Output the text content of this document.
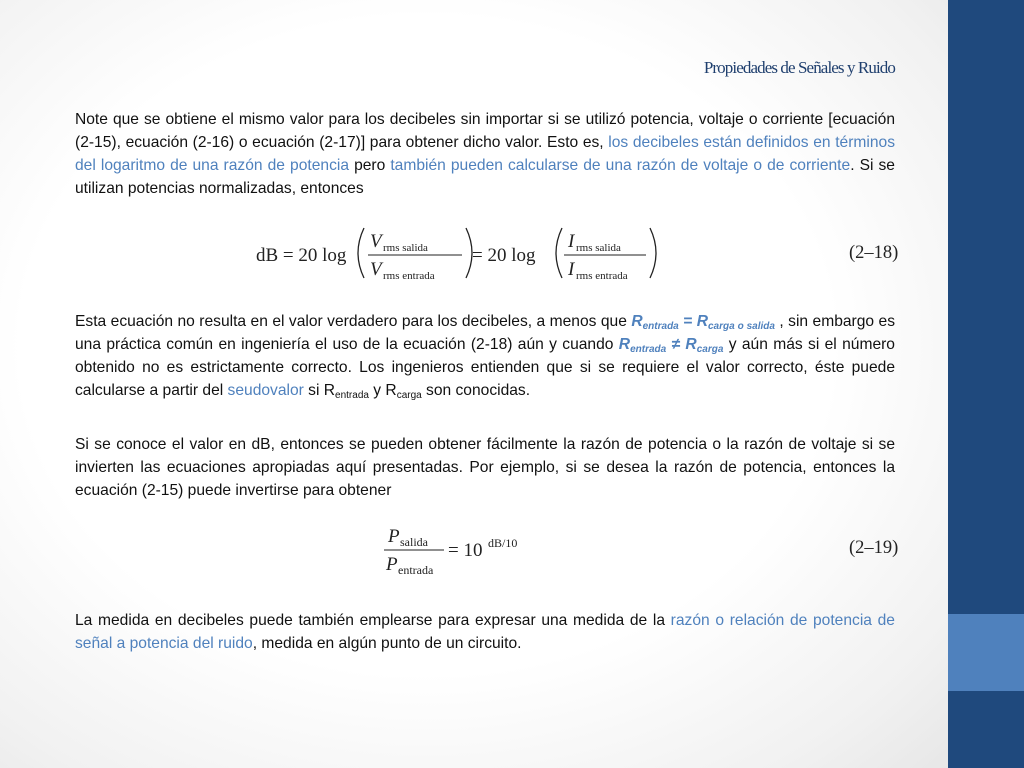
Propiedades de Señales y Ruido

Note que se obtiene el mismo valor para los decibeles sin importar si se utilizó potencia, voltaje o corriente [ecuación (2-15), ecuación (2-16) o ecuación (2-17)] para obtener dicho valor. Esto es, los decibeles están definidos en términos del logaritmo de una razón de potencia pero también pueden calcularse de una razón de voltaje o de corriente. Si se utilizan potencias normalizadas, entonces

dB = 20 log
V rms salida
V rms entrada
= 20 log
I rms salida
I rms entrada
(2–18)

Esta ecuación no resulta en el valor verdadero para los decibeles, a menos que $R_{entrada} = R_{carga o salida}$ , sin embargo es una práctica común en ingeniería el uso de la ecuación (2-18) aún y cuando $R_{entrada} \ne R_{carga}$ y aún más si el número obtenido no es estrictamente correcto. Los ingenieros entienden que si se requiere el valor correcto, éste puede calcularse a partir del seudovalor si $R_{entrada}$ y $R_{carga}$ son conocidas.

Si se conoce el valor en dB, entonces se pueden obtener fácilmente la razón de potencia o la razón de voltaje si se invierten las ecuaciones apropiadas aquí presentadas. Por ejemplo, si se desea la razón de potencia, entonces la ecuación (2-15) puede invertirse para obtener

P salida
P entrada
= 10 dB/10	(2–19)

La medida en decibeles puede también emplearse para expresar una medida de la razón o relación de potencia de señal a potencia del ruido, medida en algún punto de un circuito.
